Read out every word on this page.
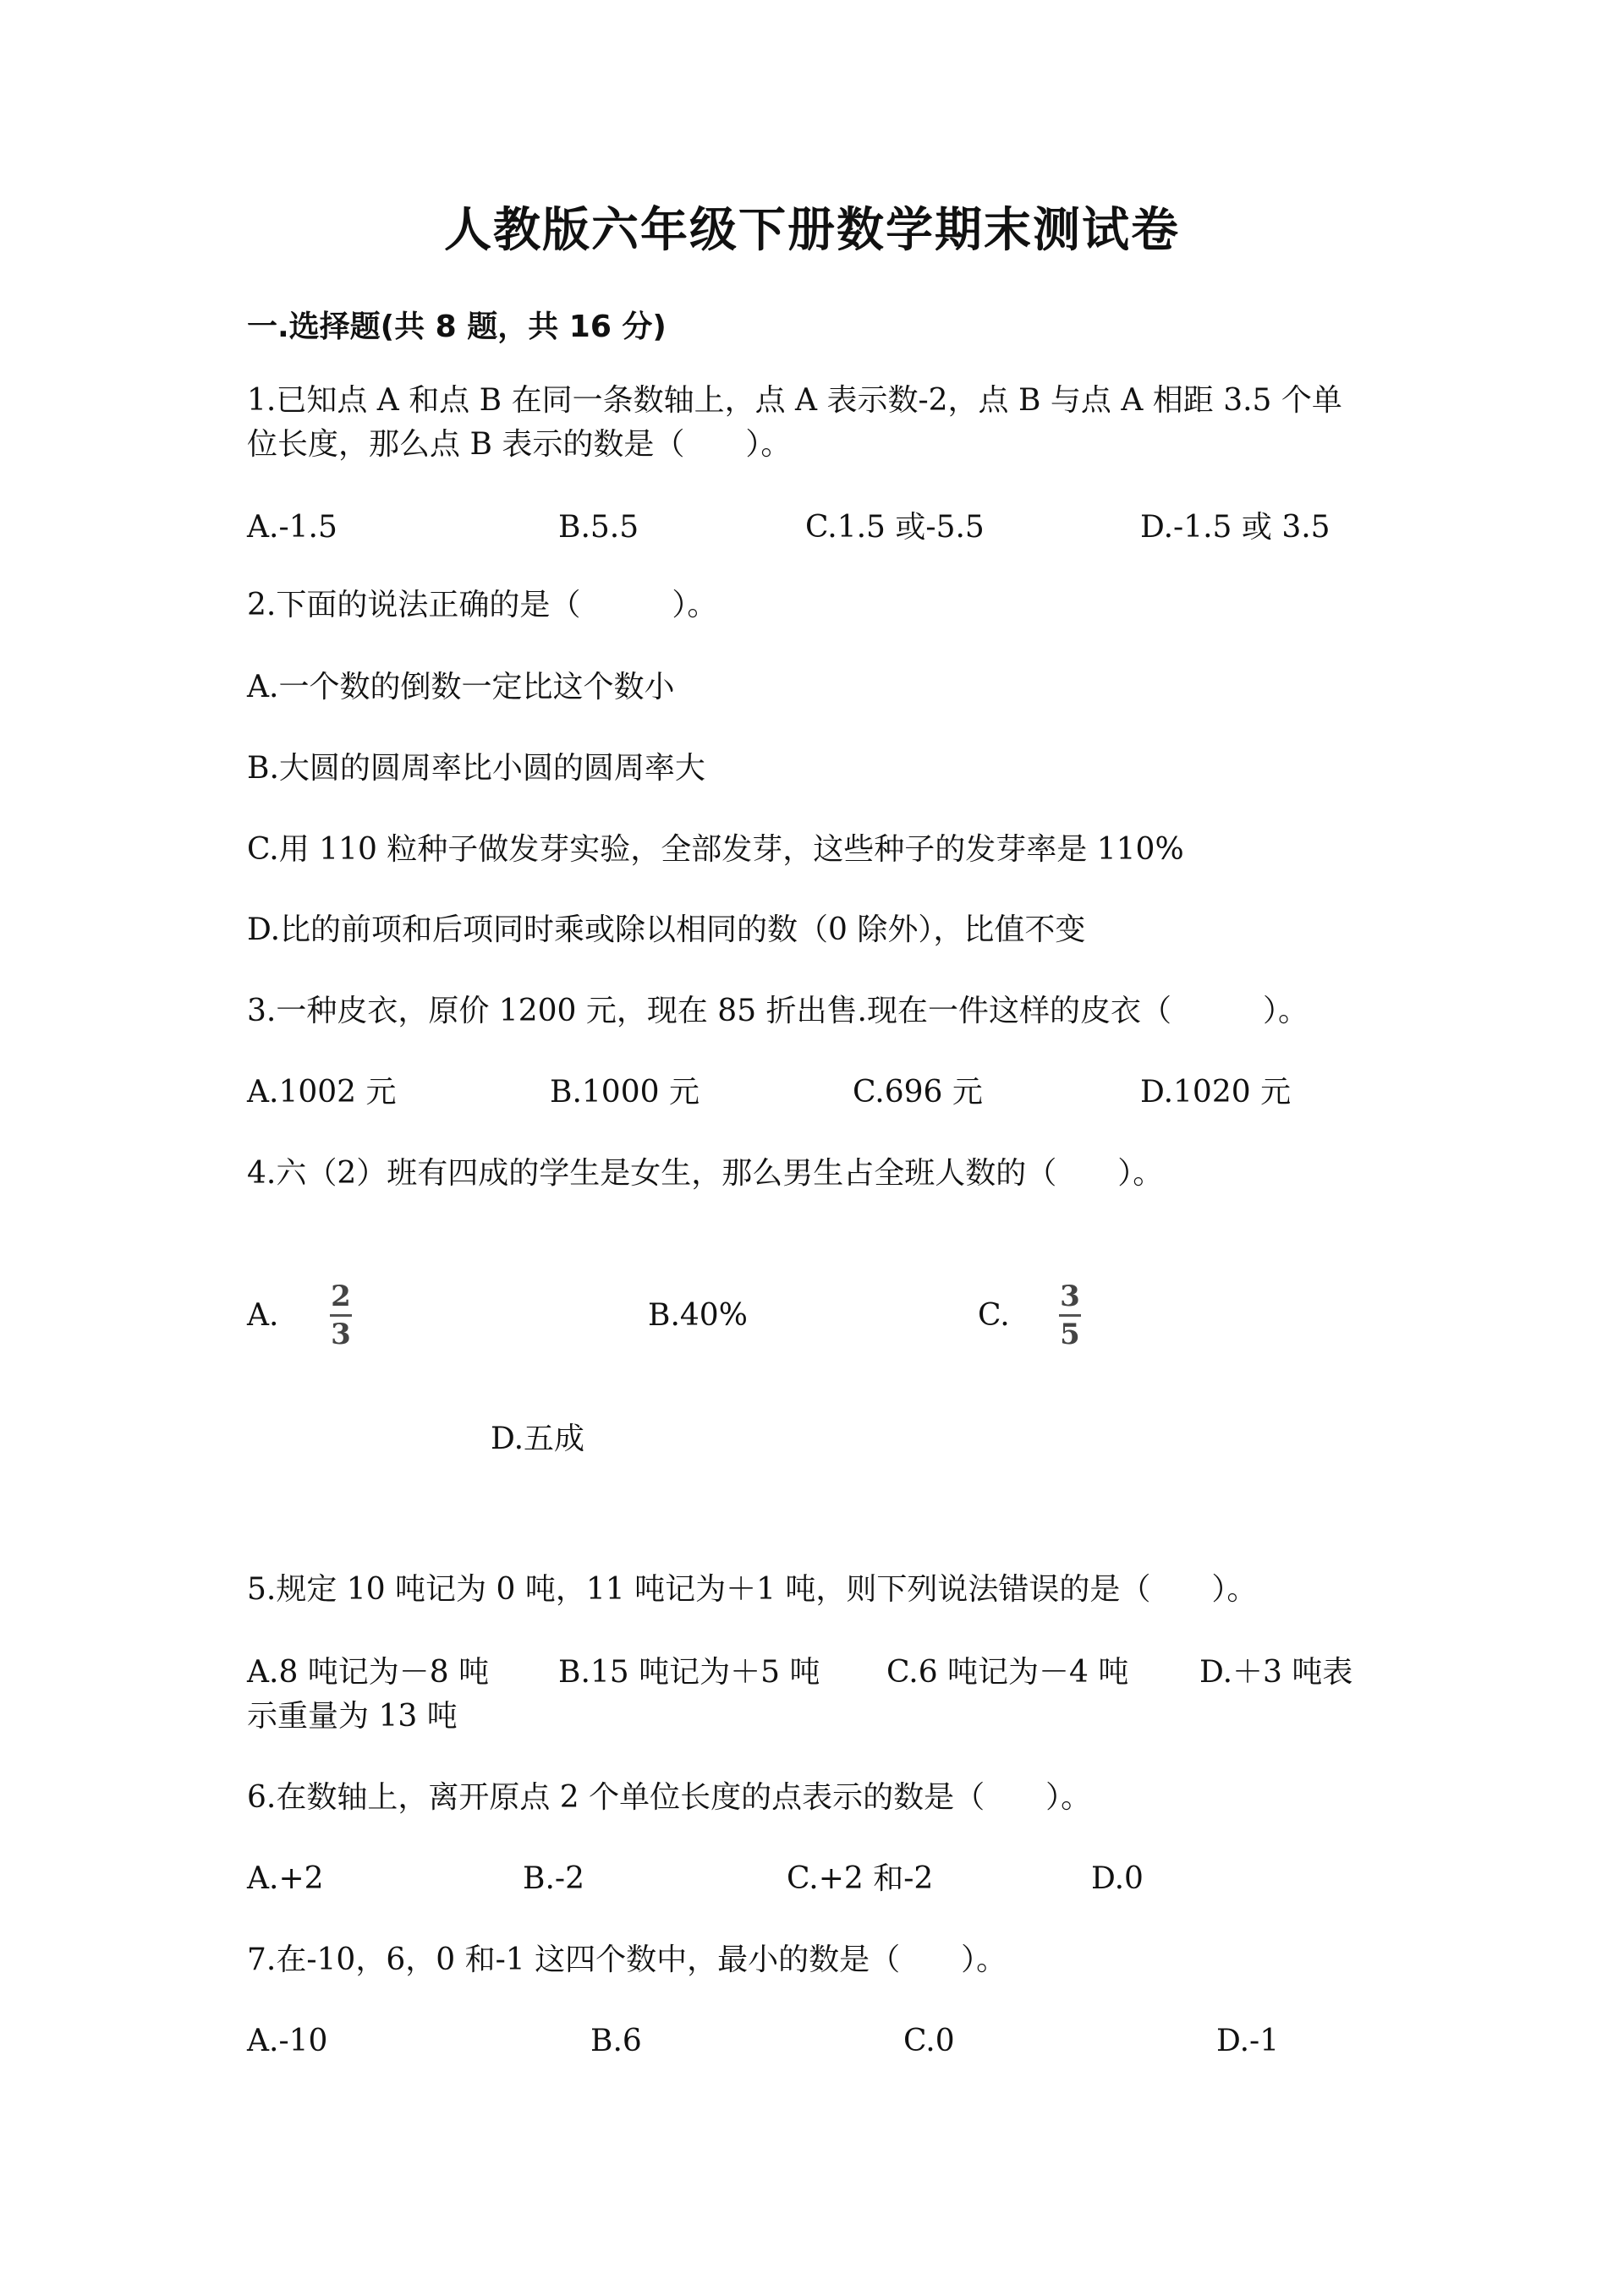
人教版六年级下册数学期末测试卷
一.选择题(共 8 题，共 16 分)
1.已知点 A 和点 B 在同一条数轴上，点 A 表示数-2，点 B 与点 A 相距 3.5 个单
位长度，那么点 B 表示的数是（　　）。
A.-1.5	B.5.5	C.1.5 或-5.5	D.-1.5 或 3.5
2.下面的说法正确的是（　　　）。
A.一个数的倒数一定比这个数小
B.大圆的圆周率比小圆的圆周率大
C.用 110 粒种子做发芽实验，全部发芽，这些种子的发芽率是 110%
D.比的前项和后项同时乘或除以相同的数（0 除外），比值不变
3.一种皮衣，原价 1200 元，现在 85 折出售.现在一件这样的皮衣（　　　）。
A.1002 元	B.1000 元	C.696 元	D.1020 元
4.六（2）班有四成的学生是女生，那么男生占全班人数的（　　）。
A.
2
3
B.40%	C.
3
5
D.五成
5.规定 10 吨记为 0 吨，11 吨记为＋1 吨，则下列说法错误的是（　　）。
A.8 吨记为－8 吨 B.15 吨记为＋5 吨 C.6 吨记为－4 吨 D.＋3 吨表
示重量为 13 吨
6.在数轴上，离开原点 2 个单位长度的点表示的数是（　　）。
A.+2	B.-2	C.+2 和-2	D.0
7.在-10，6，0 和-1 这四个数中，最小的数是（　　）。
A.-10	B.6	C.0	D.-1
